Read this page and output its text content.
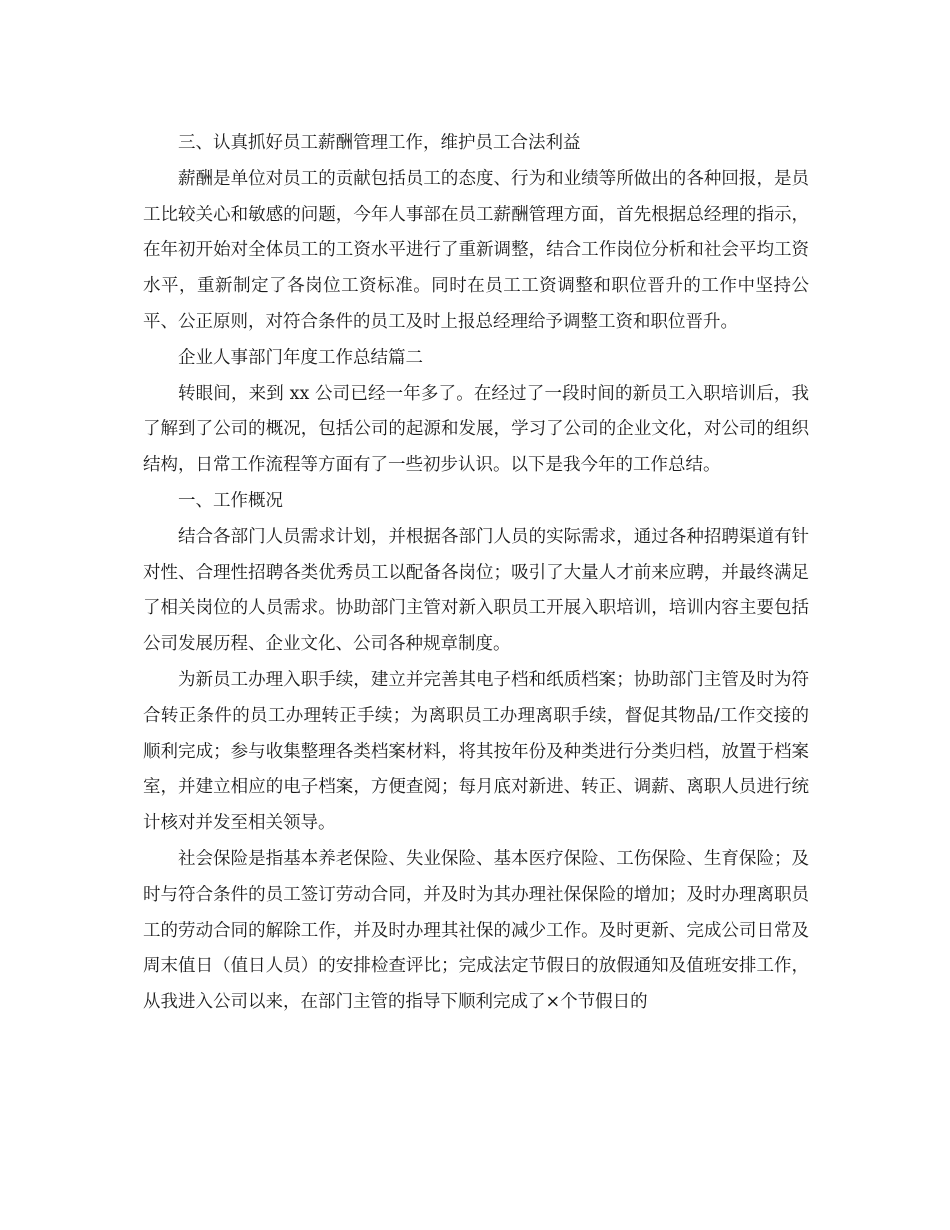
三、认真抓好员工薪酬管理工作，维护员工合法利益

薪酬是单位对员工的贡献包括员工的态度、行为和业绩等所做出的各种回报，是员工比较关心和敏感的问题，今年人事部在员工薪酬管理方面，首先根据总经理的指示，在年初开始对全体员工的工资水平进行了重新调整，结合工作岗位分析和社会平均工资水平，重新制定了各岗位工资标准。同时在员工工资调整和职位晋升的工作中坚持公平、公正原则，对符合条件的员工及时上报总经理给予调整工资和职位晋升。

企业人事部门年度工作总结篇二

转眼间，来到 xx 公司已经一年多了。在经过了一段时间的新员工入职培训后，我了解到了公司的概况，包括公司的起源和发展，学习了公司的企业文化，对公司的组织结构，日常工作流程等方面有了一些初步认识。以下是我今年的工作总结。

一、工作概况

结合各部门人员需求计划，并根据各部门人员的实际需求，通过各种招聘渠道有针对性、合理性招聘各类优秀员工以配备各岗位；吸引了大量人才前来应聘，并最终满足了相关岗位的人员需求。协助部门主管对新入职员工开展入职培训，培训内容主要包括公司发展历程、企业文化、公司各种规章制度。

为新员工办理入职手续，建立并完善其电子档和纸质档案；协助部门主管及时为符合转正条件的员工办理转正手续；为离职员工办理离职手续，督促其物品/工作交接的顺利完成；参与收集整理各类档案材料，将其按年份及种类进行分类归档，放置于档案室，并建立相应的电子档案，方便查阅；每月底对新进、转正、调薪、离职人员进行统计核对并发至相关领导。

社会保险是指基本养老保险、失业保险、基本医疗保险、工伤保险、生育保险；及时与符合条件的员工签订劳动合同，并及时为其办理社保保险的增加；及时办理离职员工的劳动合同的解除工作，并及时办理其社保的减少工作。及时更新、完成公司日常及周末值日（值日人员）的安排检查评比；完成法定节假日的放假通知及值班安排工作，从我进入公司以来，在部门主管的指导下顺利完成了×个节假日的
